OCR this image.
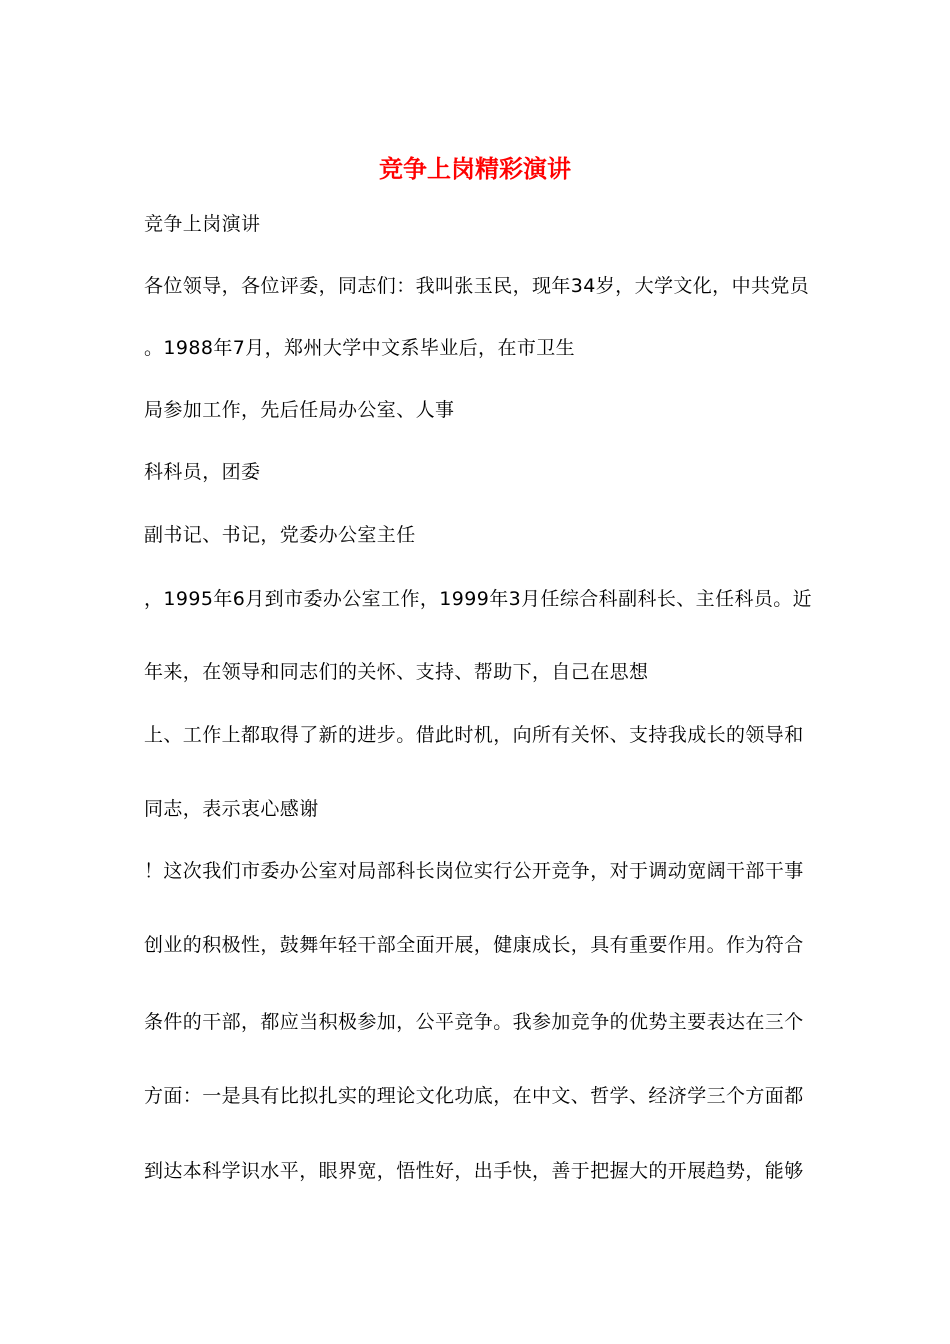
竞争上岗精彩演讲
竞争上岗演讲
各位领导，各位评委，同志们：我叫张玉民，现年34岁，大学文化，中共党员
。1988年7月，郑州大学中文系毕业后，在市卫生
局参加工作，先后任局办公室、人事
科科员，团委
副书记、书记，党委办公室主任
，1995年6月到市委办公室工作，1999年3月任综合科副科长、主任科员。近
年来，在领导和同志们的关怀、支持、帮助下，自己在思想
上、工作上都取得了新的进步。借此时机，向所有关怀、支持我成长的领导和
同志，表示衷心感谢
！这次我们市委办公室对局部科长岗位实行公开竞争，对于调动宽阔干部干事
创业的积极性，鼓舞年轻干部全面开展，健康成长，具有重要作用。作为符合
条件的干部，都应当积极参加，公平竞争。我参加竞争的优势主要表达在三个
方面：一是具有比拟扎实的理论文化功底，在中文、哲学、经济学三个方面都
到达本科学识水平，眼界宽，悟性好，出手快，善于把握大的开展趋势，能够
